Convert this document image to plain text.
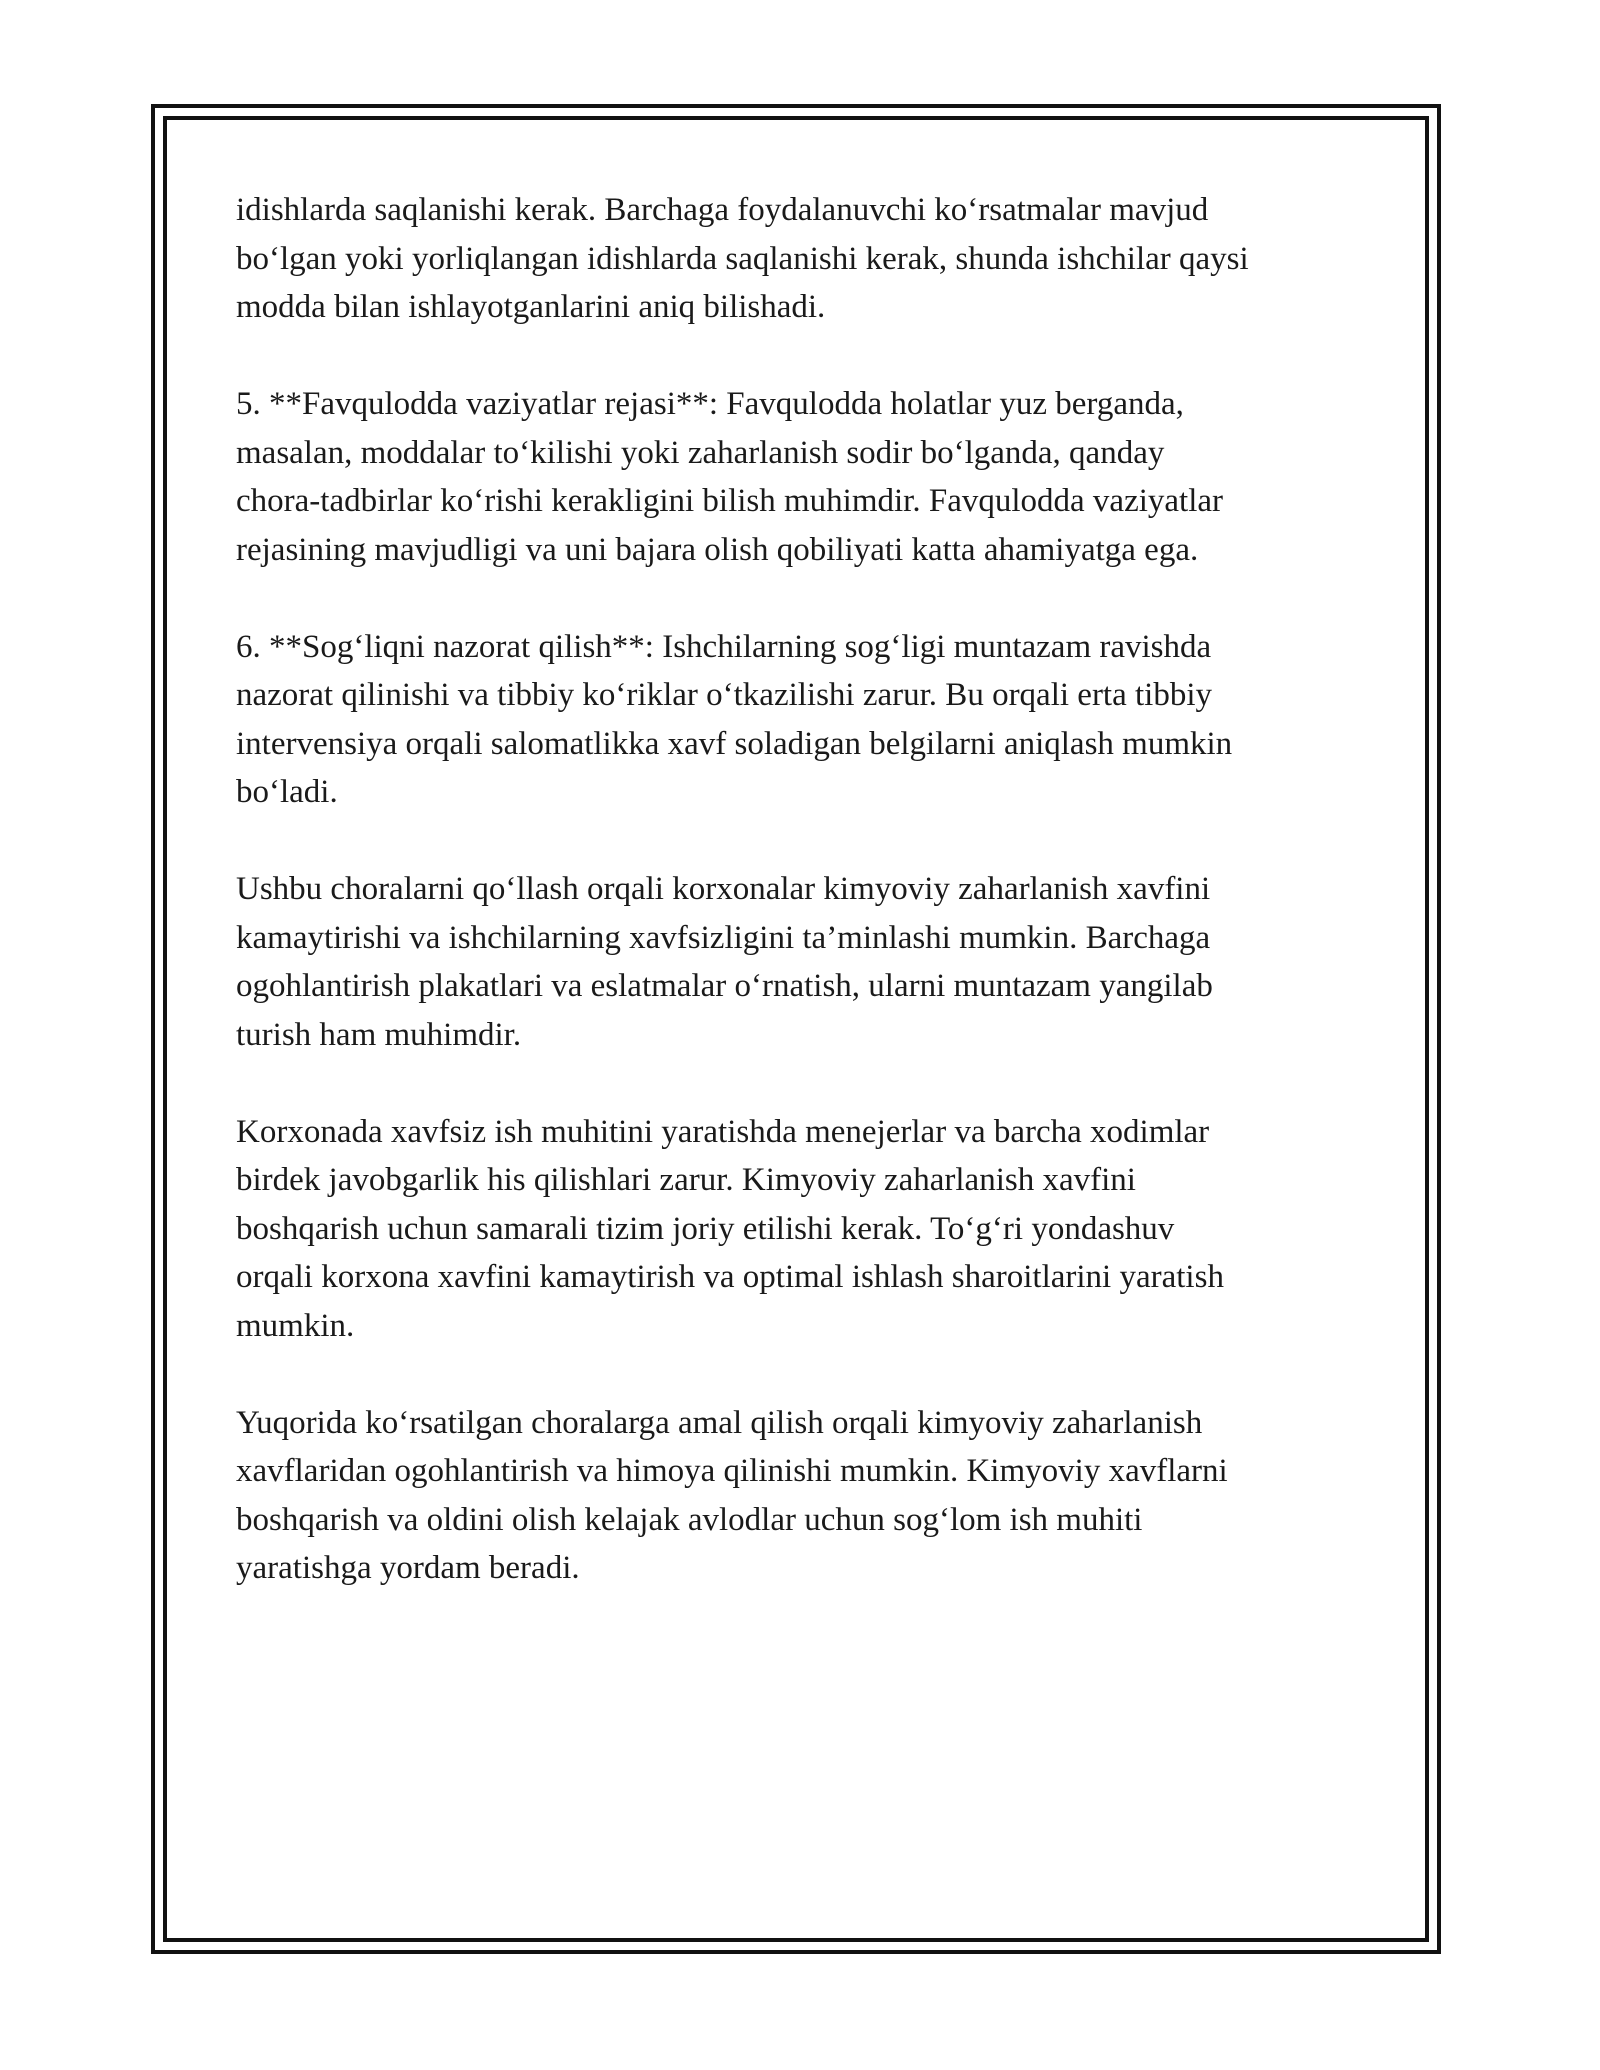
idishlarda saqlanishi kerak. Barchaga foydalanuvchi koʻrsatmalar mavjud
boʻlgan yoki yorliqlangan idishlarda saqlanishi kerak, shunda ishchilar qaysi
modda bilan ishlayotganlarini aniq bilishadi.

5. **Favqulodda vaziyatlar rejasi**: Favqulodda holatlar yuz berganda,
masalan, moddalar toʻkilishi yoki zaharlanish sodir boʻlganda, qanday
chora-tadbirlar koʻrishi kerakligini bilish muhimdir. Favqulodda vaziyatlar
rejasining mavjudligi va uni bajara olish qobiliyati katta ahamiyatga ega.

6. **Sogʻliqni nazorat qilish**: Ishchilarning sogʻligi muntazam ravishda
nazorat qilinishi va tibbiy koʻriklar oʻtkazilishi zarur. Bu orqali erta tibbiy
intervensiya orqali salomatlikka xavf soladigan belgilarni aniqlash mumkin
boʻladi.

Ushbu choralarni qoʻllash orqali korxonalar kimyoviy zaharlanish xavfini
kamaytirishi va ishchilarning xavfsizligini ta’minlashi mumkin. Barchaga
ogohlantirish plakatlari va eslatmalar oʻrnatish, ularni muntazam yangilab
turish ham muhimdir.

Korxonada xavfsiz ish muhitini yaratishda menejerlar va barcha xodimlar
birdek javobgarlik his qilishlari zarur. Kimyoviy zaharlanish xavfini
boshqarish uchun samarali tizim joriy etilishi kerak. Toʻgʻri yondashuv
orqali korxona xavfini kamaytirish va optimal ishlash sharoitlarini yaratish
mumkin.

Yuqorida koʻrsatilgan choralarga amal qilish orqali kimyoviy zaharlanish
xavflaridan ogohlantirish va himoya qilinishi mumkin. Kimyoviy xavflarni
boshqarish va oldini olish kelajak avlodlar uchun sogʻlom ish muhiti
yaratishga yordam beradi.
